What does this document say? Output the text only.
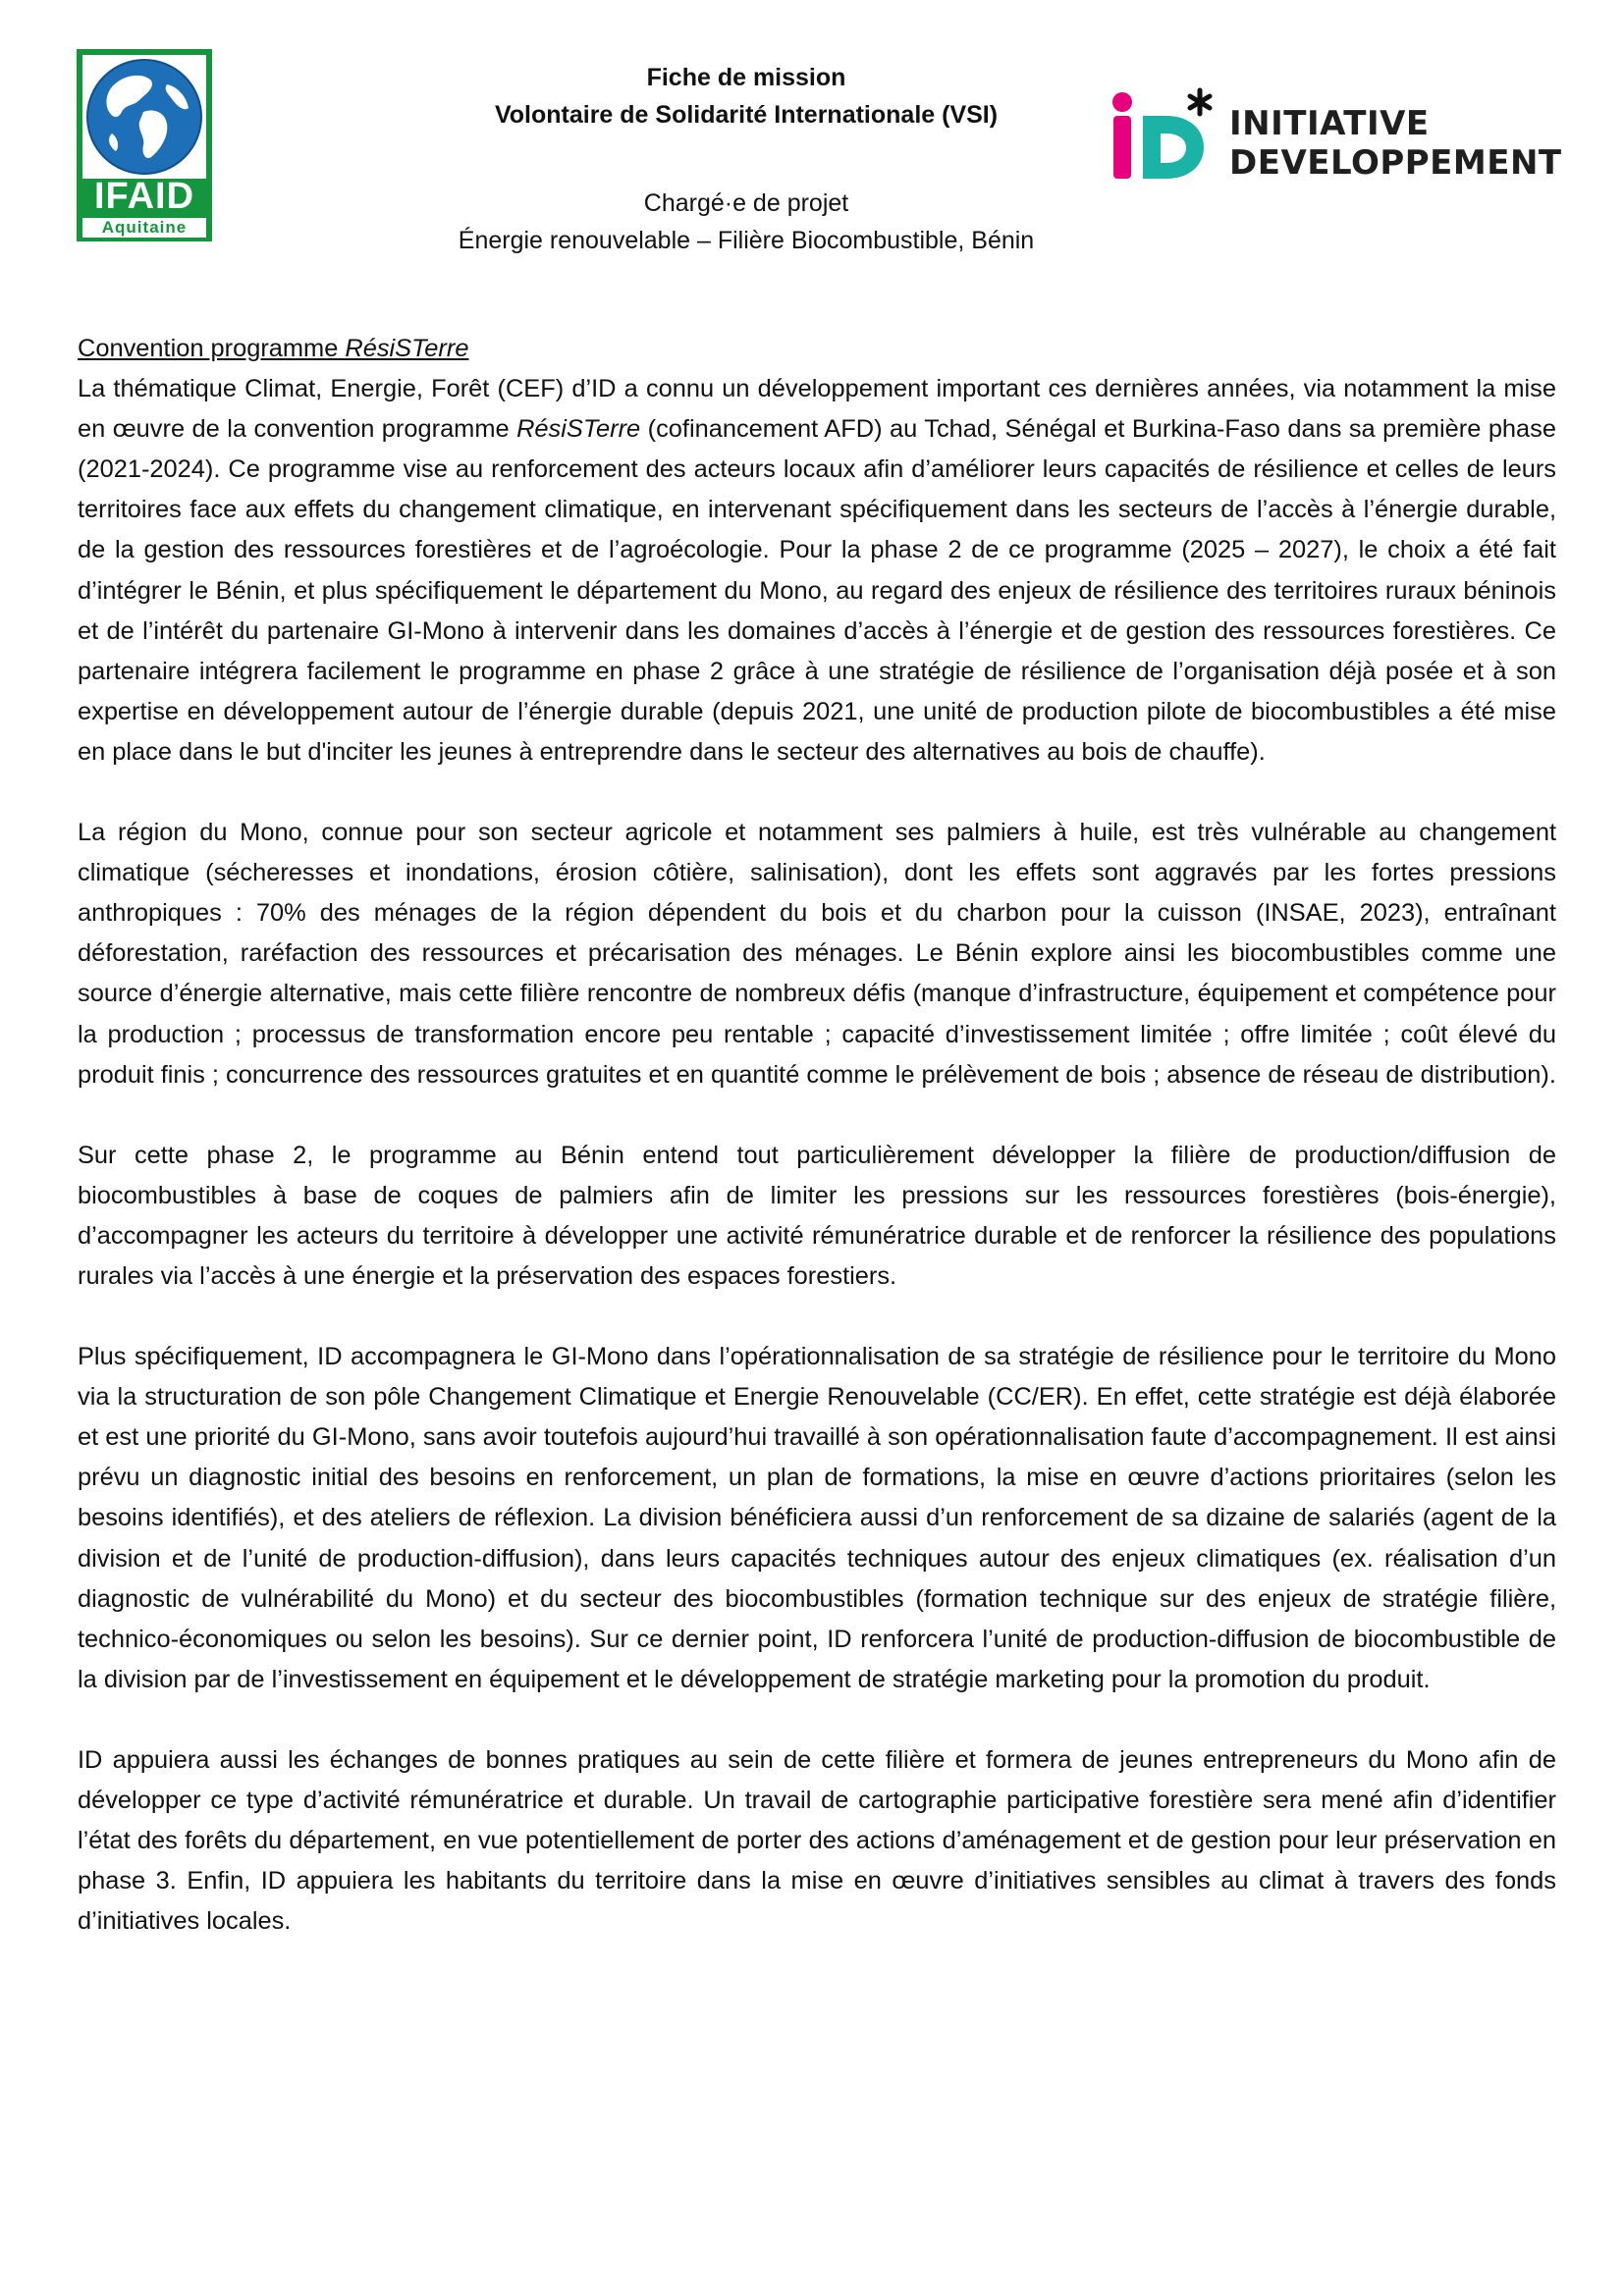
IFAID
Aquitaine
Fiche de mission
Volontaire de Solidarité Internationale (VSI)
Chargé·e de projet
Énergie renouvelable – Filière Biocombustible, Bénin
INITIATIVE
DEVELOPPEMENT
Convention programme RésiSTerre

La thématique Climat, Energie, Forêt (CEF) d’ID a connu un développement important ces dernières années, via notamment la mise en œuvre de la convention programme RésiSTerre (cofinancement AFD) au Tchad, Sénégal et Burkina-Faso dans sa première phase (2021-2024). Ce programme vise au renforcement des acteurs locaux afin d’améliorer leurs capacités de résilience et celles de leurs territoires face aux effets du changement climatique, en intervenant spécifiquement dans les secteurs de l’accès à l’énergie durable, de la gestion des ressources forestières et de l’agroécologie. Pour la phase 2 de ce programme (2025 – 2027), le choix a été fait d’intégrer le Bénin, et plus spécifiquement le département du Mono, au regard des enjeux de résilience des territoires ruraux béninois et de l’intérêt du partenaire GI-Mono à intervenir dans les domaines d’accès à l’énergie et de gestion des ressources forestières. Ce partenaire intégrera facilement le programme en phase 2 grâce à une stratégie de résilience de l’organisation déjà posée et à son expertise en développement autour de l’énergie durable (depuis 2021, une unité de production pilote de biocombustibles a été mise en place dans le but d'inciter les jeunes à entreprendre dans le secteur des alternatives au bois de chauffe).

La région du Mono, connue pour son secteur agricole et notamment ses palmiers à huile, est très vulnérable au changement climatique (sécheresses et inondations, érosion côtière, salinisation), dont les effets sont aggravés par les fortes pressions anthropiques : 70% des ménages de la région dépendent du bois et du charbon pour la cuisson (INSAE, 2023), entraînant déforestation, raréfaction des ressources et précarisation des ménages. Le Bénin explore ainsi les biocombustibles comme une source d’énergie alternative, mais cette filière rencontre de nombreux défis (manque d’infrastructure, équipement et compétence pour la production ; processus de transformation encore peu rentable ; capacité d’investissement limitée ; offre limitée ; coût élevé du produit finis ; concurrence des ressources gratuites et en quantité comme le prélèvement de bois ; absence de réseau de distribution).

Sur cette phase 2, le programme au Bénin entend tout particulièrement développer la filière de production/diffusion de biocombustibles à base de coques de palmiers afin de limiter les pressions sur les ressources forestières (bois-énergie), d’accompagner les acteurs du territoire à développer une activité rémunératrice durable et de renforcer la résilience des populations rurales via l’accès à une énergie et la préservation des espaces forestiers.

Plus spécifiquement, ID accompagnera le GI-Mono dans l’opérationnalisation de sa stratégie de résilience pour le territoire du Mono via la structuration de son pôle Changement Climatique et Energie Renouvelable (CC/ER). En effet, cette stratégie est déjà élaborée et est une priorité du GI-Mono, sans avoir toutefois aujourd’hui travaillé à son opérationnalisation faute d’accompagnement. Il est ainsi prévu un diagnostic initial des besoins en renforcement, un plan de formations, la mise en œuvre d’actions prioritaires (selon les besoins identifiés), et des ateliers de réflexion. La division bénéficiera aussi d’un renforcement de sa dizaine de salariés (agent de la division et de l’unité de production-diffusion), dans leurs capacités techniques autour des enjeux climatiques (ex. réalisation d’un diagnostic de vulnérabilité du Mono) et du secteur des biocombustibles (formation technique sur des enjeux de stratégie filière, technico-économiques ou selon les besoins). Sur ce dernier point, ID renforcera l’unité de production-diffusion de biocombustible de la division par de l’investissement en équipement et le développement de stratégie marketing pour la promotion du produit.

ID appuiera aussi les échanges de bonnes pratiques au sein de cette filière et formera de jeunes entrepreneurs du Mono afin de développer ce type d’activité rémunératrice et durable. Un travail de cartographie participative forestière sera mené afin d’identifier l’état des forêts du département, en vue potentiellement de porter des actions d’aménagement et de gestion pour leur préservation en phase 3. Enfin, ID appuiera les habitants du territoire dans la mise en œuvre d’initiatives sensibles au climat à travers des fonds d’initiatives locales.
